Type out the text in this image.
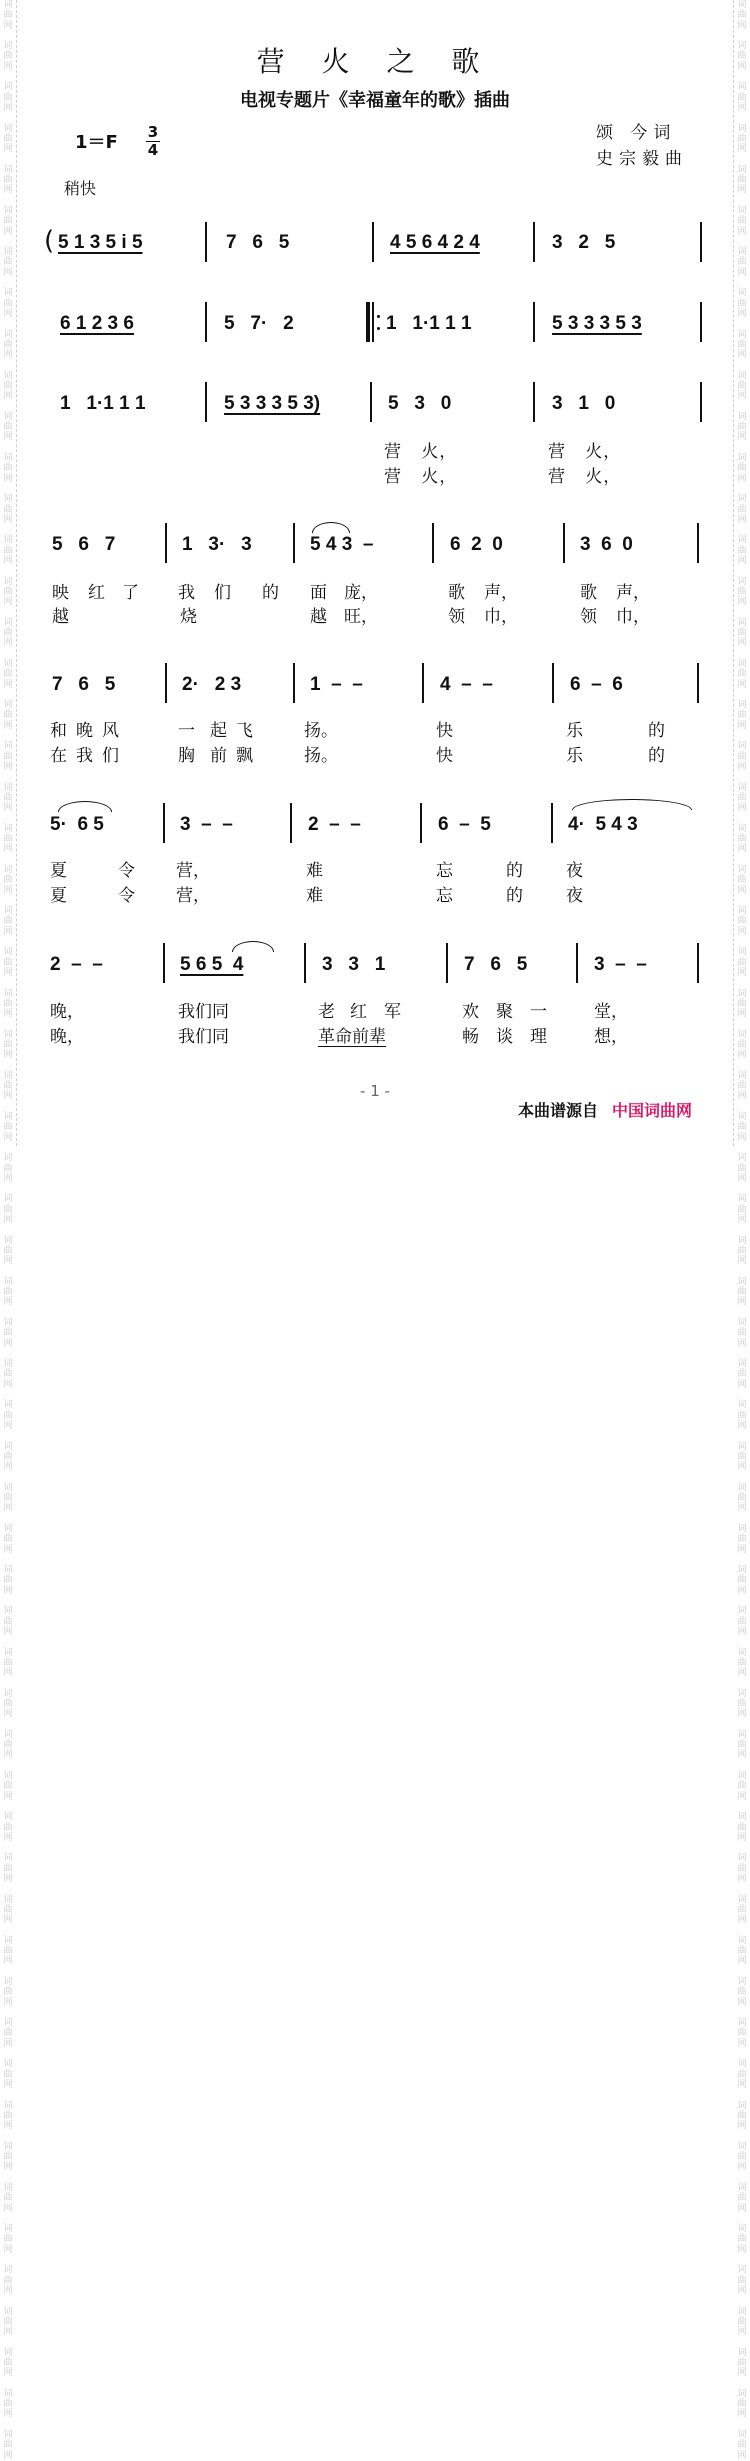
词曲网

词曲网

词曲网

词曲网

词曲网

词曲网

词曲网

词曲网

词曲网

词曲网

词曲网

词曲网

词曲网

词曲网

词曲网

词曲网

词曲网

词曲网

词曲网

词曲网

词曲网

词曲网

词曲网

词曲网

词曲网

词曲网

词曲网

词曲网

词曲网

词曲网

词曲网

词曲网

词曲网

词曲网

词曲网

词曲网

词曲网

词曲网

词曲网

词曲网

词曲网

词曲网

词曲网

词曲网

词曲网

词曲网

词曲网

词曲网

词曲网

词曲网

词曲网

词曲网

词曲网

词曲网

词曲网

词曲网

词曲网

词曲网

词曲网

词曲网

词曲网

词曲网

词曲网

词曲网

词曲网

词曲网

词曲网

词曲网

词曲网

词曲网

词曲网

词曲网

词曲网

词曲网

词曲网

词曲网

词曲网

词曲网

词曲网

词曲网

词曲网

词曲网

词曲网

词曲网

词曲网

词曲网

词曲网

词曲网

词曲网

词曲网

词曲网

词曲网

词曲网

词曲网

词曲网

词曲网

词曲网

词曲网

词曲网

词曲网

词曲网

词曲网

词曲网

词曲网

词曲网

词曲网

词曲网

词曲网

词曲网

词曲网

词曲网

词曲网

词曲网

词曲网

词曲网

词曲网

词曲网

词曲网

词曲网

词曲网

营 火 之 歌
电视专题片《幸福童年的歌》插曲
1＝F 3
4
颂 今词
史宗毅曲
稍快
( 5 1 3 5 i 5	7   6   5	4 5 6 4 2 4	3   2   5
6 1 2 3 6	5   7·   2	1   1·1 1 1	5 3 3 3 5 3
1   1·1 1 1	5 3 3 3 5 3)	5   3   0	3   1   0
营   火，	营   火，
营   火，	营   火，
5   6   7	1   3·   3	5 4 3  –	6  2  0	3  6  0
映 红 了 我 们 的 面 庞，	歌 声，	歌 声，
越	烧	越 旺，	领 巾，	领 巾，
7   6   5	2·   2 3	1  –  –	4  –  –	6  –  6
和 晚 风	一 起 飞	扬。	快	乐	的
在 我 们	胸 前 飘	扬。	快	乐	的
5·  6 5	3  –  –	2  –  –	6  –  5	4·  5 4 3
夏	令 营，	难	忘	的	夜
夏	令 营，	难	忘	的	夜
2  –  –	5 6 5  4	3   3   1	7   6   5	3  –  –
晚，	我们同	老 红 军	欢 聚 一	堂，
晚，	我们同	革命前辈	畅 谈 理	想，
- 1 -
本曲谱源自 中国词曲网
